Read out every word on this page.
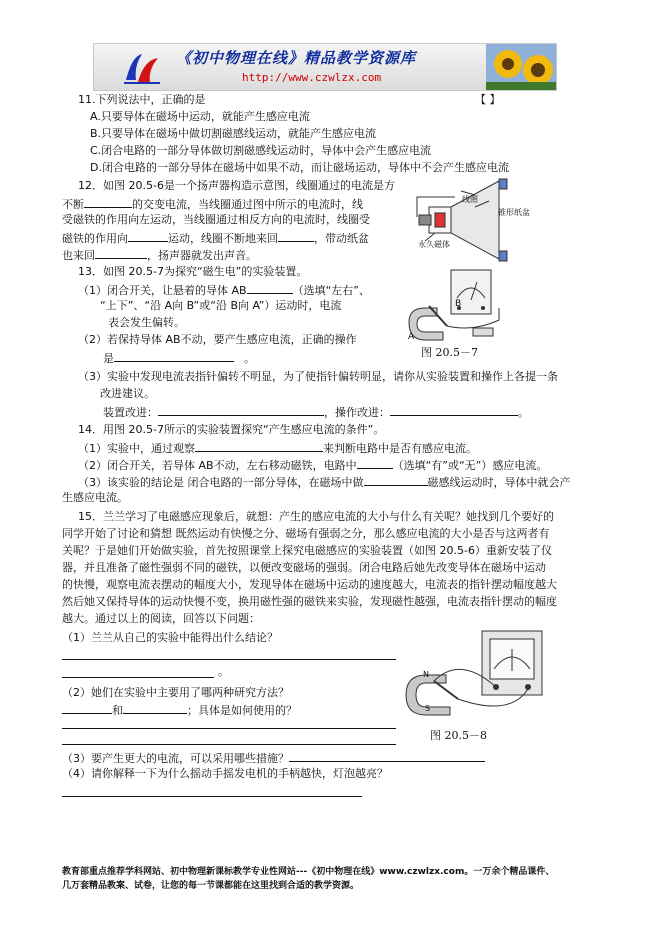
《初中物理在线》精品教学资源库
http://www.czwlzx.com
11.下列说法中，正确的是	【 】
A.只要导体在磁场中运动，就能产生感应电流
B.只要导体在磁场中做切割磁感线运动，就能产生感应电流
C.闭合电路的一部分导体做切割磁感线运动时，导体中会产生感应电流
D.闭合电路的一部分导体在磁场中如果不动，而让磁场运动，导体中不会产生感应电流
12．如图 20.5-6是一个扬声器构造示意图，线圈通过的电流是方
不断	的交变电流，当线圈通过图中所示的电流时，线
受磁铁的作用向左运动，当线圈通过相反方向的电流时，线圈受
磁铁的作用向	运动，线圈不断地来回	，带动纸盆
也来回	，扬声器就发出声音。
线圈
锥形纸盆
永久磁体
13．如图 20.5-7为探究“磁生电”的实验装置。
（1）闭合开关，让悬着的导体 AB	（选填“左右”、
“上下”、“沿 A向 B”或“沿 B向 A”）运动时，电流
表会发生偏转。
（2）若保持导体 AB不动，要产生感应电流，正确的操作
是	。
（3）实验中发现电流表指针偏转不明显，为了使指针偏转明显，请你从实验装置和操作上各提一条
改进建议。
装置改进：	，操作改进：	。
B
A
图 20.5－7
14．用图 20.5-7所示的实验装置探究“产生感应电流的条件”。
（1）实验中，通过观察	来判断电路中是否有感应电流。
（2）闭合开关，若导体 AB不动，左右移动磁铁，电路中	（选填“有”或“无”）感应电流。
（3）该实验的结论是 闭合电路的一部分导体，在磁场中做	磁感线运动时，导体中就会产
生感应电流。
15．兰兰学习了电磁感应现象后，就想：产生的感应电流的大小与什么有关呢？她找到几个要好的
同学开始了讨论和猜想 既然运动有快慢之分、磁场有强弱之分，那么感应电流的大小是否与这两者有
关呢？于是她们开始做实验，首先按照课堂上探究电磁感应的实验装置（如图 20.5-6）重新安装了仪
器，并且准备了磁性强弱不同的磁铁，以便改变磁场的强弱。闭合电路后她先改变导体在磁场中运动
的快慢，观察电流表摆动的幅度大小，发现导体在磁场中运动的速度越大，电流表的指针摆动幅度越大
然后她又保持导体的运动快慢不变，换用磁性强的磁铁来实验，发现磁性越强，电流表指针摆动的幅度
越大。通过以上的阅读，回答以下问题：
（1）兰兰从自己的实验中能得出什么结论？
。
（2）她们在实验中主要用了哪两种研究方法？
和	；具体是如何使用的？
（3）要产生更大的电流，可以采用哪些措施？
（4）请你解释一下为什么摇动手摇发电机的手柄越快，灯泡越亮？
N
S
图 20.5－8
教育部重点推荐学科网站、初中物理新课标教学专业性网站---《初中物理在线》www.czwlzx.com。一万余个精品课件、
几万套精品教案、试卷，让您的每一节课都能在这里找到合适的教学资源。
